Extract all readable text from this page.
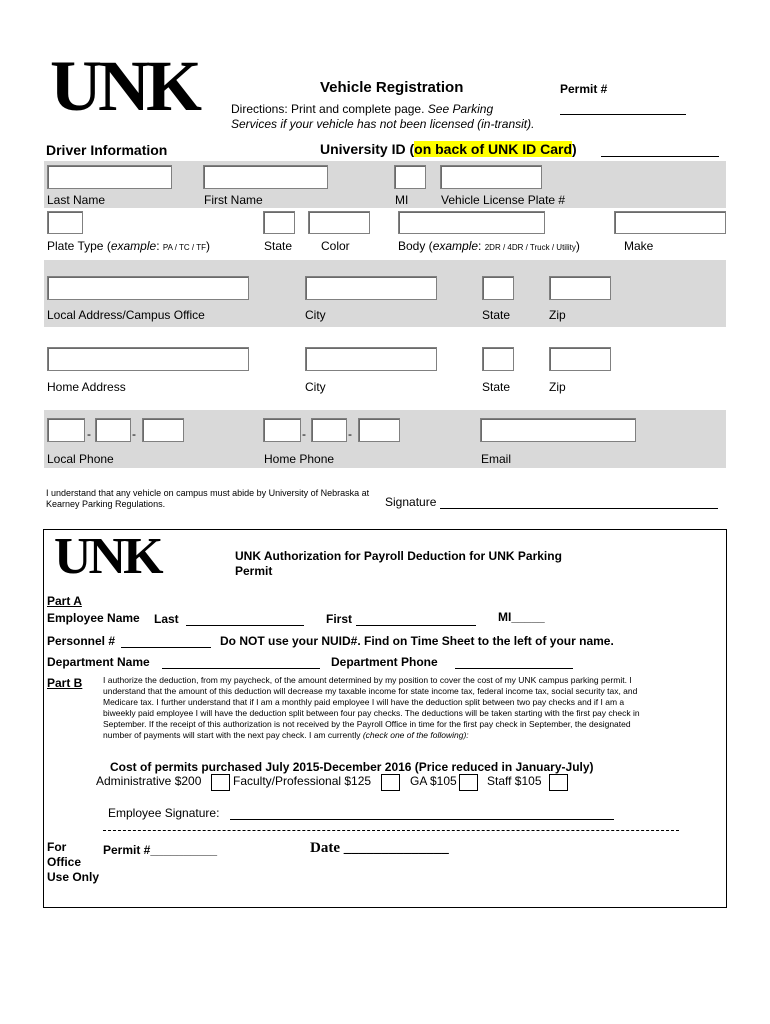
UNK	Vehicle Registration	Permit #
Directions: Print and complete page. See Parking
Services if your vehicle has not been licensed (in-transit).
Driver Information	University ID (on back of UNK ID Card)
Last Name	First Name	MI	Vehicle License Plate #
Plate Type (example: PA / TC / TF)	State Color	Body (example: 2DR / 4DR / Truck / Utility)	Make
Local Address/Campus Office	City	State	Zip
Home Address	City	State	Zip
-	-	-	-
Local Phone	Home Phone	Email
I understand that any vehicle on campus must abide by University of Nebraska at
Kearney Parking Regulations.	Signature
UNK	UNK Authorization for Payroll Deduction for UNK Parking
Permit
Part A
Employee Name Last	First	MI_____
Personnel #	Do NOT use your NUID#. Find on Time Sheet to the left of your name.
Department Name	Department Phone
Part B I authorize the deduction, from my paycheck, of the amount determined by my position to cover the cost of my UNK campus parking permit. I
understand that the amount of this deduction will decrease my taxable income for state income tax, federal income tax, social security tax, and
Medicare tax. I further understand that if I am a monthly paid employee I will have the deduction split between two pay checks and if I am a
biweekly paid employee I will have the deduction split between four pay checks. The deductions will be taken starting with the first pay check in
September. If the receipt of this authorization is not received by the Payroll Office in time for the first pay check in September, the designated
number of payments will start with the next pay check. I am currently (check one of the following):
Cost of permits purchased July 2015-December 2016 (Price reduced in January-July)
Administrative $200	Faculty/Professional $125	GA $105	Staff $105
Employee Signature:
For
Office
Use Only
Permit #__________	Date ______________
